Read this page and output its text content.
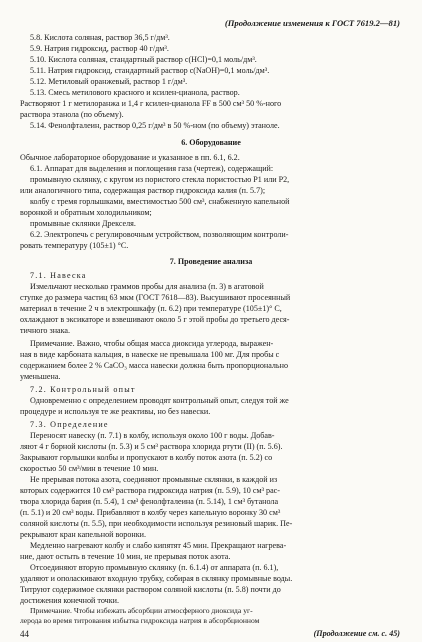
(Продолжение изменения к ГОСТ 7619.2—81)
5.8. Кислота соляная, раствор 36,5 г/дм³.
5.9. Натрия гидроксид, раствор 40 г/дм³.
5.10. Кислота соляная, стандартный раствор c(HCl)=0,1 моль/дм³.
5.11. Натрия гидроксид, стандартный раствор c(NaOH)=0,1 моль/дм³.
5.12. Метиловый оранжевый, раствор 1 г/дм³.
5.13. Смесь метилового красного и ксилен-цианола, раствор.
Растворяют 1 г метилоранжа и 1,4 г ксилен-цианола FF в 500 см³ 50 %-ного
раствора этанола (по объему).
5.14. Фенолфталеин, раствор 0,25 г/дм³ в 50 %-ном (по объему) этаноле.
6. Оборудование
Обычное лабораторное оборудование и указанное в пп. 6.1, 6.2.
6.1. Аппарат для выделения и поглощения газа (чертеж), содержащий:
промывную склянку, с кругом из пористого стекла пористостью P1 или P2,
или аналогичного типа, содержащая раствор гидроксида калия (п. 5.7);
колбу с тремя горлышками, вместимостью 500 см³, снабженную капельной
воронкой и обратным холодильником;
промывные склянки Дрекселя.
6.2. Электропечь с регулировочным устройством, позволяющим контроли-
ровать температуру (105±1) °C.
7. Проведение анализа
7.1. Навеска
Измельчают несколько граммов пробы для анализа (п. 3) в агатовой
ступке до размера частиц 63 мкм (ГОСТ 7618—83). Высушивают просеянный
материал в течение 2 ч в электрошкафу (п. 6.2) при температуре (105±1)° С,
охлаждают в эксикаторе и взвешивают около 5 г этой пробы до третьего деся-
тичного знака.
Примечание. Важно, чтобы общая масса диоксида углерода, выражен-
ная в виде карбоната кальция, в навеске не превышала 100 мг. Для пробы с
содержанием более 2 % CaCO₃ масса навески должна быть пропорционально
уменьшена.
7.2. Контрольный опыт
Одновременно с определением проводят контрольный опыт, следуя той же
процедуре и используя те же реактивы, но без навески.
7.3. Определение
Переносят навеску (п. 7.1) в колбу, используя около 100 г воды. Добав-
ляют 4 г борной кислоты (п. 5.3) и 5 см³ раствора хлорида ртути (II) (п. 5.6).
Закрывают горлышки колбы и пропускают в колбу поток азота (п. 5.2) со
скоростью 50 см³/мин в течение 10 мин.
Не прерывая потока азота, соединяют промывные склянки, в каждой из
которых содержится 10 см³ раствора гидроксида натрия (п. 5.9), 10 см³ рас-
твора хлорида бария (п. 5.4), 1 см³ фенолфталеина (п. 5.14), 1 см³ бутанола
(п. 5.1) и 20 см³ воды. Прибавляют в колбу через капельную воронку 30 см³
соляной кислоты (п. 5.5), при необходимости используя резиновый шарик. Пе-
рекрывают кран капельной воронки.
Медленно нагревают колбу и слабо кипятят 45 мин. Прекращают нагрева-
ние, дают остыть в течение 10 мин, не прерывая поток азота.
Отсоединяют вторую промывную склянку (п. 6.1.4) от аппарата (п. 6.1),
удаляют и ополаскивают входную трубку, собирая в склянку промывные воды.
Титруют содержимое склянки раствором соляной кислоты (п. 5.8) почти до
достижения конечной точки.
Примечание. Чтобы избежать абсорбции атмосферного диоксида уг-
лерода во время титрования избытка гидроксида натрия в абсорбционном
44	(Продолжение см. с. 45)
